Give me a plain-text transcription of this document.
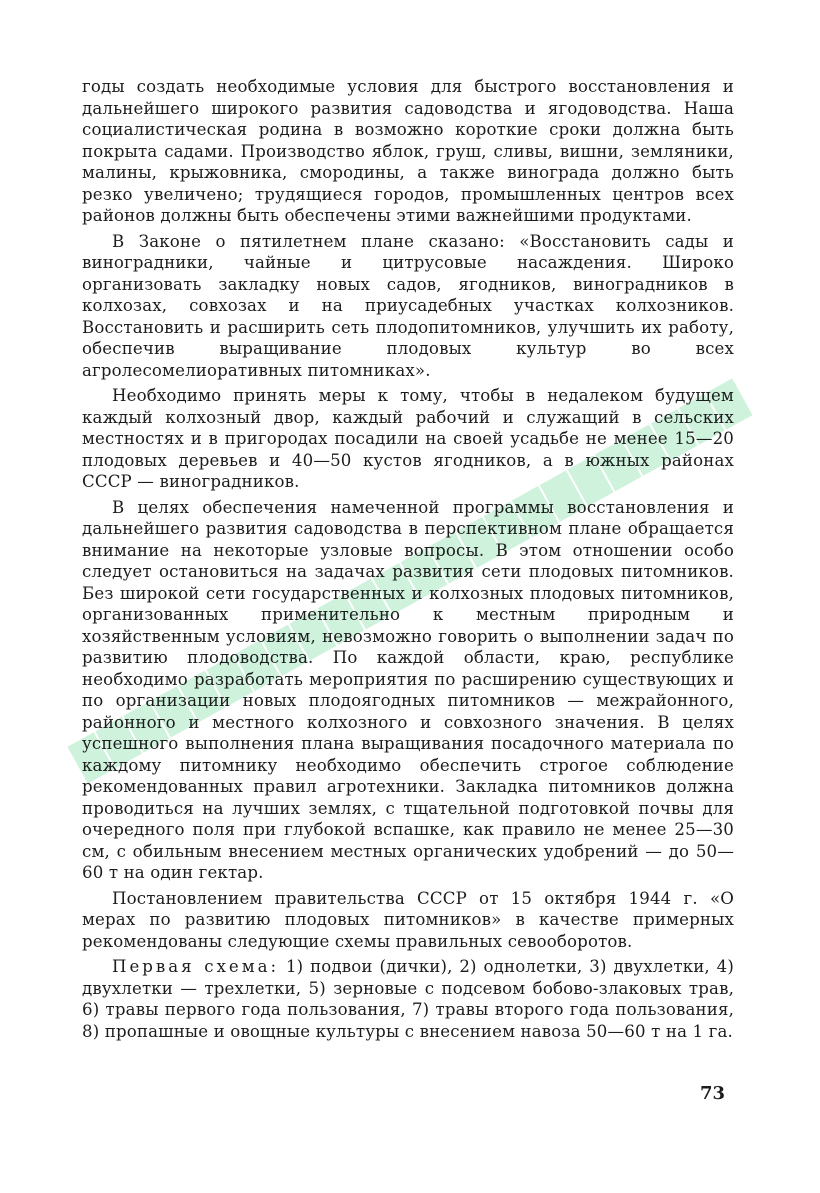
годы создать необходимые условия для быстрого восстановления и дальнейшего широкого развития садоводства и ягодоводства. Наша социалистическая родина в возможно короткие сроки должна быть покрыта садами. Производство яблок, груш, сливы, вишни, земляники, малины, крыжовника, смородины, а также винограда должно быть резко увеличено; трудящиеся городов, промышленных центров всех районов должны быть обеспечены этими важнейшими продуктами.

В Законе о пятилетнем плане сказано: «Восстановить сады и виноградники, чайные и цитрусовые насаждения. Широко организовать закладку новых садов, ягодников, виноградников в колхозах, совхозах и на приусадебных участках колхозников. Восстановить и расширить сеть плодопитомников, улучшить их работу, обеспечив выращивание плодовых культур во всех агролесомелиоративных питомниках».

Необходимо принять меры к тому, чтобы в недалеком будущем каждый колхозный двор, каждый рабочий и служащий в сельских местностях и в пригородах посадили на своей усадьбе не менее 15—20 плодовых деревьев и 40—50 кустов ягодников, а в южных районах СССР — виноградников.

В целях обеспечения намеченной программы восстановления и дальнейшего развития садоводства в перспективном плане обращается внимание на некоторые узловые вопросы. В этом отношении особо следует остановиться на задачах развития сети плодовых питомников. Без широкой сети государственных и колхозных плодовых питомников, организованных применительно к местным природным и хозяйственным условиям, невозможно говорить о выполнении задач по развитию плодоводства. По каждой области, краю, республике необходимо разработать мероприятия по расширению существующих и по организации новых плодоягодных питомников — межрайонного, районного и местного колхозного и совхозного значения. В целях успешного выполнения плана выращивания посадочного материала по каждому питомнику необходимо обеспечить строгое соблюдение рекомендованных правил агротехники. Закладка питомников должна проводиться на лучших землях, с тщательной подготовкой почвы для очередного поля при глубокой вспашке, как правило не менее 25—30 см, с обильным внесением местных органических удобрений — до 50—60 т на один гектар.

Постановлением правительства СССР от 15 октября 1944 г. «О мерах по развитию плодовых питомников» в качестве примерных рекомендованы следующие схемы правильных севооборотов.

Первая схема: 1) подвои (дички), 2) однолетки, 3) двухлетки, 4) двухлетки — трехлетки, 5) зерновые с подсевом бобово-злаковых трав, 6) травы первого года пользования, 7) травы второго года пользования, 8) пропашные и овощные культуры с внесением навоза 50—60 т на 1 га.

73
